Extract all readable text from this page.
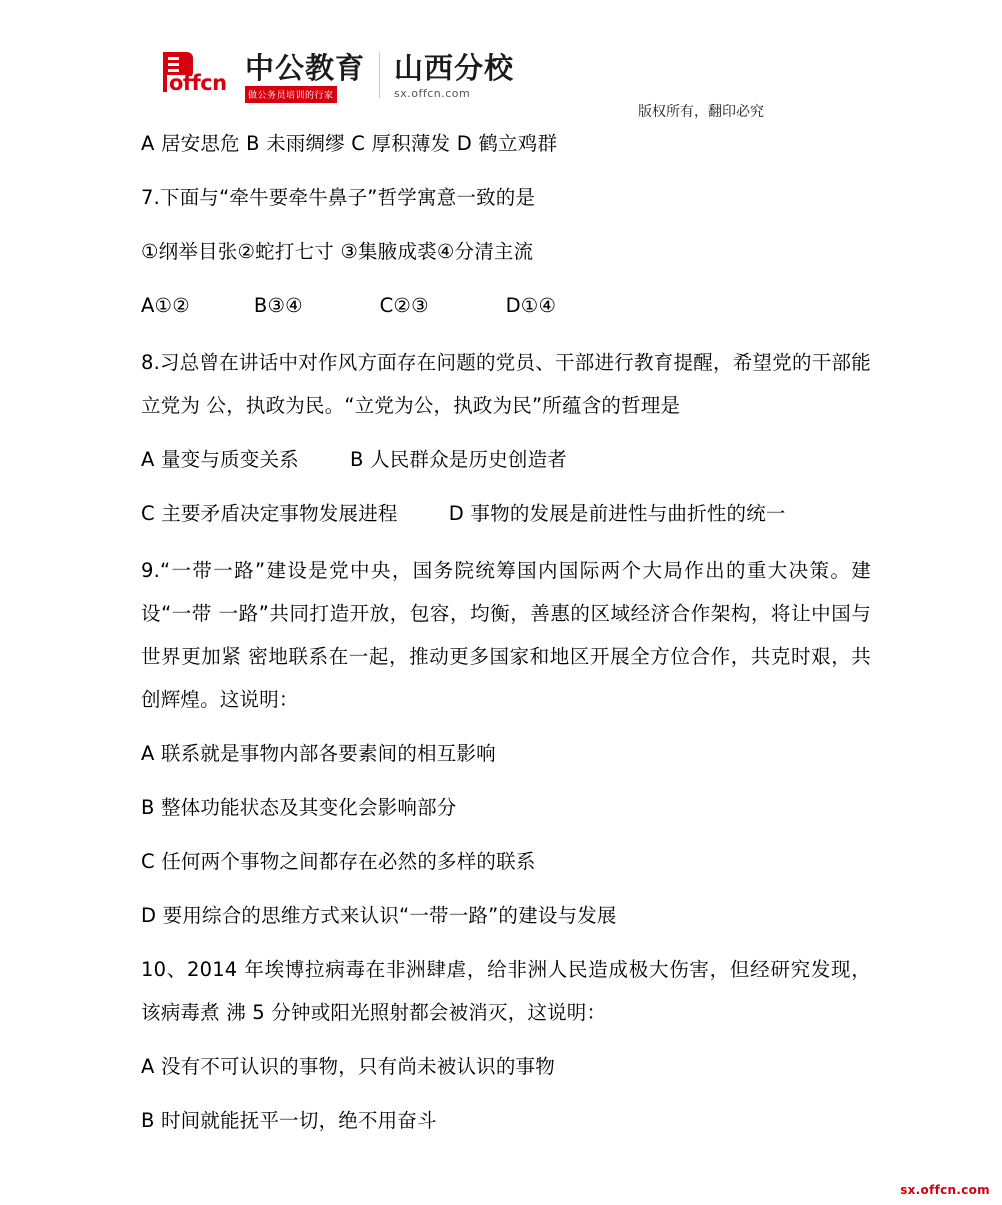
offcn 中公教育
做公务员培训的行家
山西分校
sx.offcn.com
版权所有，翻印必究

A 居安思危 B 未雨绸缪 C 厚积薄发 D 鹤立鸡群

7.下面与“牵牛要牵牛鼻子”哲学寓意一致的是

①纲举目张②蛇打七寸 ③集腋成裘④分清主流

A①②          B③④            C②③            D①④

8.习总曾在讲话中对作风方面存在问题的党员、干部进行教育提醒，希望党的干部能立党为 公，执政为民。“立党为公，执政为民”所蕴含的哲理是

A 量变与质变关系        B 人民群众是历史创造者

C 主要矛盾决定事物发展进程        D 事物的发展是前进性与曲折性的统一

9.“一带一路”建设是党中央，国务院统筹国内国际两个大局作出的重大决策。建设“一带 一路”共同打造开放，包容，均衡，善惠的区域经济合作架构，将让中国与世界更加紧 密地联系在一起，推动更多国家和地区开展全方位合作，共克时艰，共创辉煌。这说明：

A 联系就是事物内部各要素间的相互影响

B 整体功能状态及其变化会影响部分

C 任何两个事物之间都存在必然的多样的联系

D 要用综合的思维方式来认识“一带一路”的建设与发展

10、2014 年埃博拉病毒在非洲肆虐，给非洲人民造成极大伤害，但经研究发现，该病毒煮 沸 5 分钟或阳光照射都会被消灭，这说明：

A 没有不可认识的事物，只有尚未被认识的事物

B 时间就能抚平一切，绝不用奋斗

sx.offcn.com
